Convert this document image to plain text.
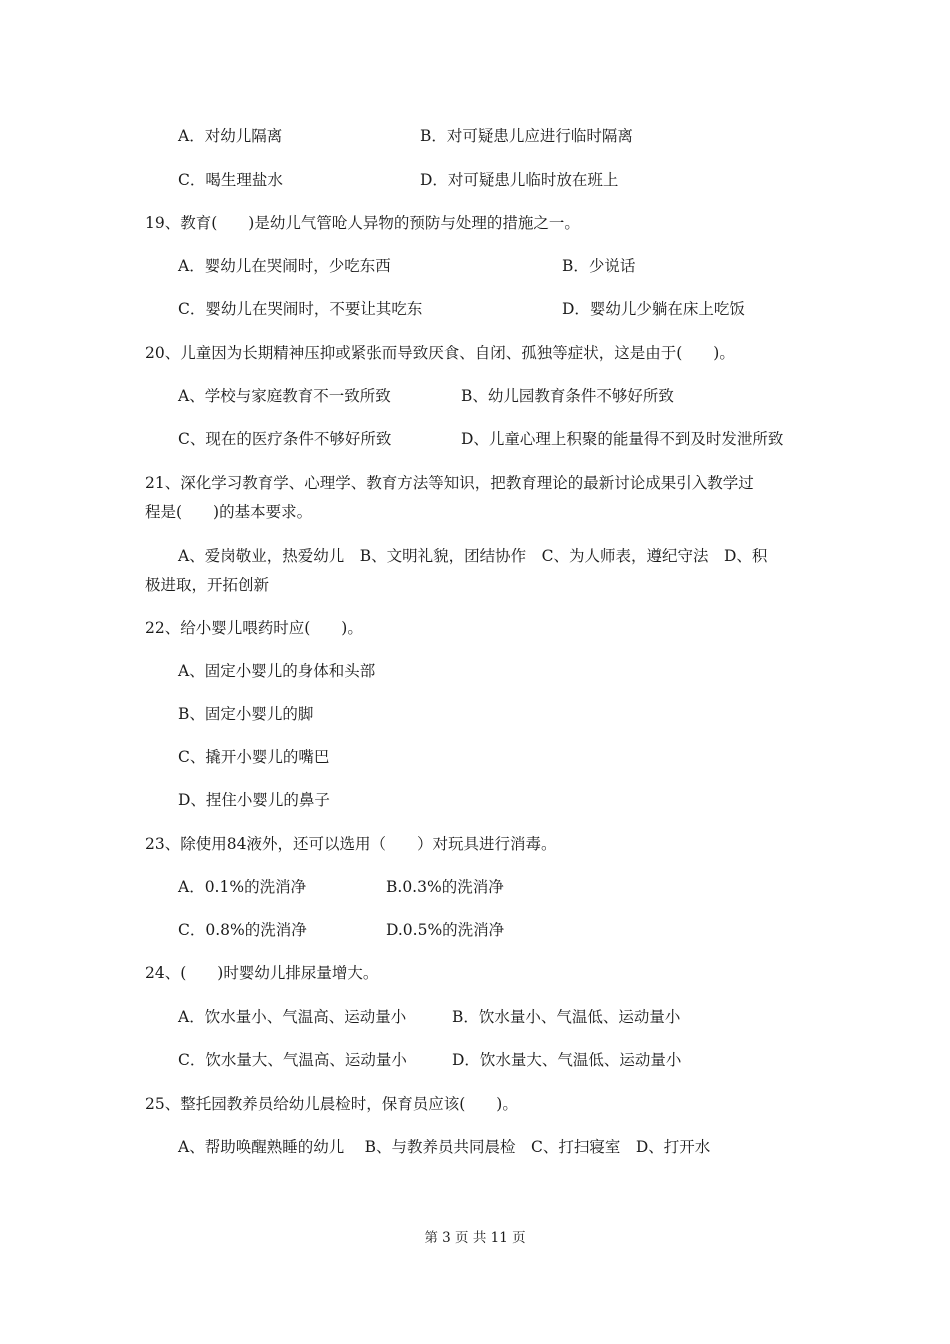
A．对幼儿隔离	B．对可疑患儿应进行临时隔离
C．喝生理盐水	D．对可疑患儿临时放在班上
19、教育(　　)是幼儿气管呛人异物的预防与处理的措施之一。
A．婴幼儿在哭闹时，少吃东西	B．少说话
C．婴幼儿在哭闹时，不要让其吃东	D．婴幼儿少躺在床上吃饭
20、儿童因为长期精神压抑或紧张而导致厌食、自闭、孤独等症状，这是由于(　　)。
A、学校与家庭教育不一致所致	B、幼儿园教育条件不够好所致
C、现在的医疗条件不够好所致	D、儿童心理上积聚的能量得不到及时发泄所致
21、深化学习教育学、心理学、教育方法等知识，把教育理论的最新讨论成果引入教学过
程是(　　)的基本要求。
A、爱岗敬业，热爱幼儿　B、文明礼貌，团结协作　C、为人师表，遵纪守法　D、积
极进取，开拓创新
22、给小婴儿喂药时应(　　)。
A、固定小婴儿的身体和头部
B、固定小婴儿的脚
C、撬开小婴儿的嘴巴
D、捏住小婴儿的鼻子
23、除使用84液外，还可以选用（　　）对玩具进行消毒。
A．0.1%的洗消净	B.0.3%的洗消净
C．0.8%的洗消净	D.0.5%的洗消净
24、(　　)时婴幼儿排尿量增大。
A．饮水量小、气温高、运动量小	B．饮水量小、气温低、运动量小
C．饮水量大、气温高、运动量小	D．饮水量大、气温低、运动量小
25、整托园教养员给幼儿晨检时，保育员应该(　　)。
A、帮助唤醒熟睡的幼儿　 B、与教养员共同晨检　C、打扫寝室　D、打开水
第 3 页 共 11 页
